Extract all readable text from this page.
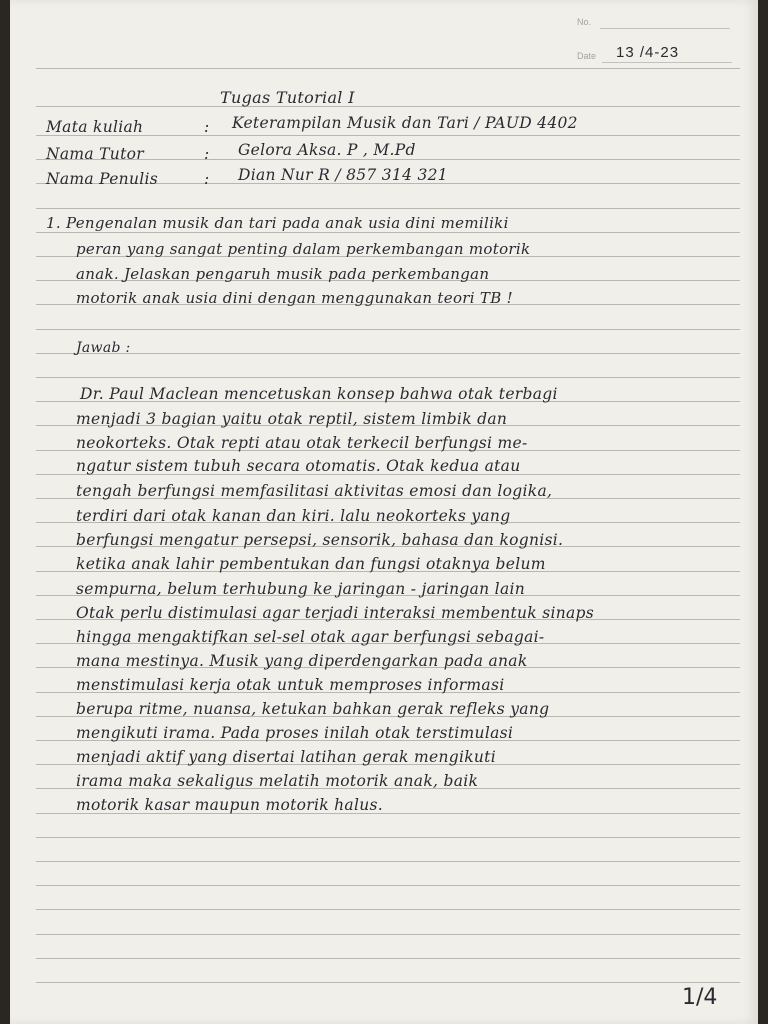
No.
Date 13 /4-23
Tugas Tutorial I
Mata kuliah	: Keterampilan Musik dan Tari / PAUD 4402
Nama Tutor	: Gelora Aksa. P , M.Pd
Nama Penulis	: Dian Nur R / 857 314 321
1. Pengenalan musik dan tari pada anak usia dini memiliki
peran yang sangat penting dalam perkembangan motorik
anak. Jelaskan pengaruh musik pada perkembangan
motorik anak usia dini dengan menggunakan teori TB !
Jawab :
Dr. Paul Maclean mencetuskan konsep bahwa otak terbagi
menjadi 3 bagian yaitu otak reptil, sistem limbik dan
neokorteks. Otak repti atau otak terkecil berfungsi me-
ngatur sistem tubuh secara otomatis. Otak kedua atau
tengah berfungsi memfasilitasi aktivitas emosi dan logika,
terdiri dari otak kanan dan kiri. lalu neokorteks yang
berfungsi mengatur persepsi, sensorik, bahasa dan kognisi.
ketika anak lahir pembentukan dan fungsi otaknya belum
sempurna, belum terhubung ke jaringan - jaringan lain
Otak perlu distimulasi agar terjadi interaksi membentuk sinaps
hingga mengaktifkan sel-sel otak agar berfungsi sebagai-
mana mestinya. Musik yang diperdengarkan pada anak
menstimulasi kerja otak untuk memproses informasi
berupa ritme, nuansa, ketukan bahkan gerak refleks yang
mengikuti irama. Pada proses inilah otak terstimulasi
menjadi aktif yang disertai latihan gerak mengikuti
irama maka sekaligus melatih motorik anak, baik
motorik kasar maupun motorik halus.
1/4
